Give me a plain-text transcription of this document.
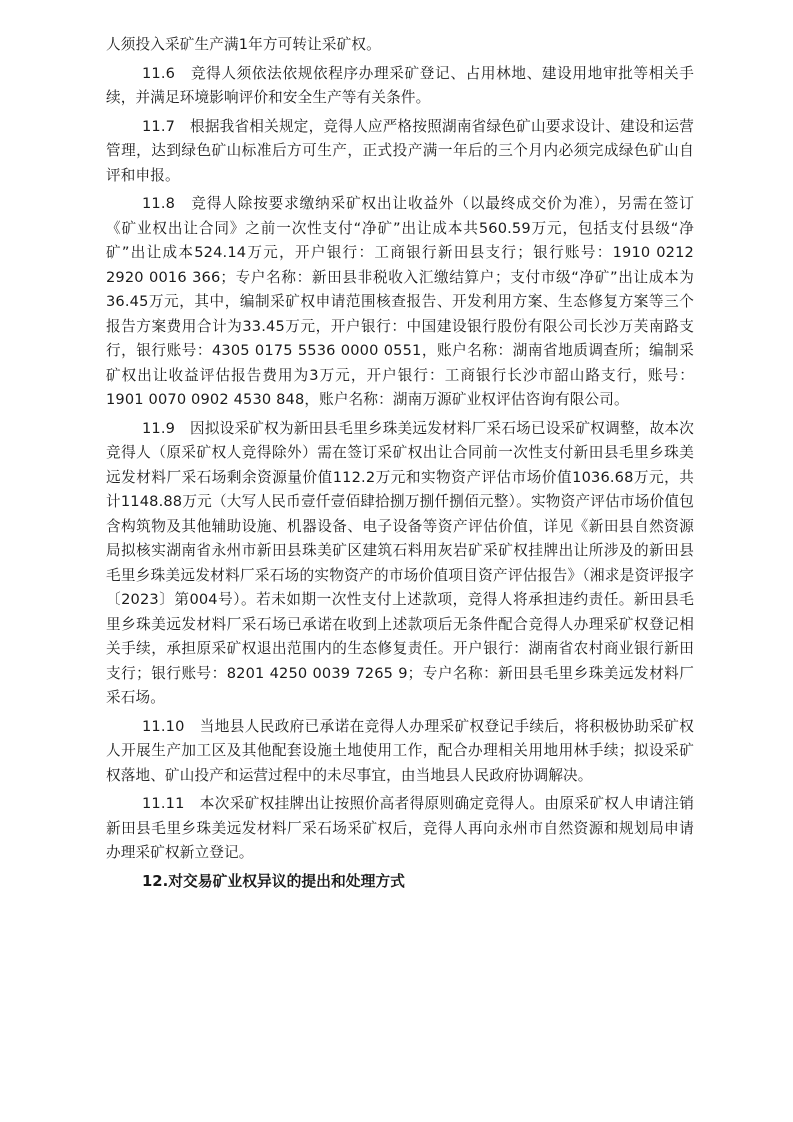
人须投入采矿生产满1年方可转让采矿权。

11.6　竞得人须依法依规依程序办理采矿登记、占用林地、建设用地审批等相关手续，并满足环境影响评价和安全生产等有关条件。

11.7　根据我省相关规定，竞得人应严格按照湖南省绿色矿山要求设计、建设和运营管理，达到绿色矿山标准后方可生产，正式投产满一年后的三个月内必须完成绿色矿山自评和申报。

11.8　竞得人除按要求缴纳采矿权出让收益外（以最终成交价为准），另需在签订《矿业权出让合同》之前一次性支付“净矿”出让成本共560.59万元，包括支付县级“净矿”出让成本524.14万元，开户银行：工商银行新田县支行；银行账号：1910 0212 2920 0016 366；专户名称：新田县非税收入汇缴结算户；支付市级“净矿”出让成本为36.45万元，其中，编制采矿权申请范围核查报告、开发利用方案、生态修复方案等三个报告方案费用合计为33.45万元，开户银行：中国建设银行股份有限公司长沙万芙南路支行，银行账号：4305 0175 5536 0000 0551，账户名称：湖南省地质调查所；编制采矿权出让收益评估报告费用为3万元，开户银行：工商银行长沙市韶山路支行，账号：1901 0070 0902 4530 848，账户名称：湖南万源矿业权评估咨询有限公司。

11.9　因拟设采矿权为新田县毛里乡珠美远发材料厂采石场已设采矿权调整，故本次竞得人（原采矿权人竞得除外）需在签订采矿权出让合同前一次性支付新田县毛里乡珠美远发材料厂采石场剩余资源量价值112.2万元和实物资产评估市场价值1036.68万元，共计1148.88万元（大写人民币壹仟壹佰肆拾捌万捌仟捌佰元整）。实物资产评估市场价值包含构筑物及其他辅助设施、机器设备、电子设备等资产评估价值，详见《新田县自然资源局拟核实湖南省永州市新田县珠美矿区建筑石料用灰岩矿采矿权挂牌出让所涉及的新田县毛里乡珠美远发材料厂采石场的实物资产的市场价值项目资产评估报告》（湘求是资评报字〔2023〕第004号）。若未如期一次性支付上述款项，竞得人将承担违约责任。新田县毛里乡珠美远发材料厂采石场已承诺在收到上述款项后无条件配合竞得人办理采矿权登记相关手续，承担原采矿权退出范围内的生态修复责任。开户银行：湖南省农村商业银行新田支行；银行账号：8201 4250 0039 7265 9；专户名称：新田县毛里乡珠美远发材料厂采石场。

11.10　当地县人民政府已承诺在竞得人办理采矿权登记手续后，将积极协助采矿权人开展生产加工区及其他配套设施土地使用工作，配合办理相关用地用林手续；拟设采矿权落地、矿山投产和运营过程中的未尽事宜，由当地县人民政府协调解决。

11.11　本次采矿权挂牌出让按照价高者得原则确定竞得人。由原采矿权人申请注销新田县毛里乡珠美远发材料厂采石场采矿权后，竞得人再向永州市自然资源和规划局申请办理采矿权新立登记。

12.对交易矿业权异议的提出和处理方式
